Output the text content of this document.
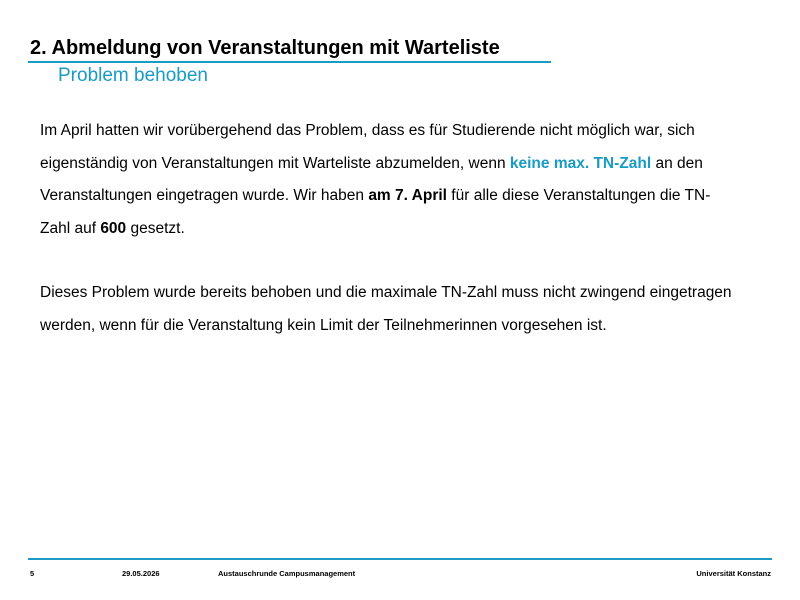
2. Abmeldung von Veranstaltungen mit Warteliste
Problem behoben

Im April hatten wir vorübergehend das Problem, dass es für Studierende nicht möglich war, sich eigenständig von Veranstaltungen mit Warteliste abzumelden, wenn keine max. TN-Zahl an den Veranstaltungen eingetragen wurde. Wir haben am 7. April für alle diese Veranstaltungen die TN-Zahl auf 600 gesetzt.

Dieses Problem wurde bereits behoben und die maximale TN-Zahl muss nicht zwingend eingetragen werden, wenn für die Veranstaltung kein Limit der Teilnehmerinnen vorgesehen ist.

5	29.05.2026	Austauschrunde Campusmanagement	Universität Konstanz
